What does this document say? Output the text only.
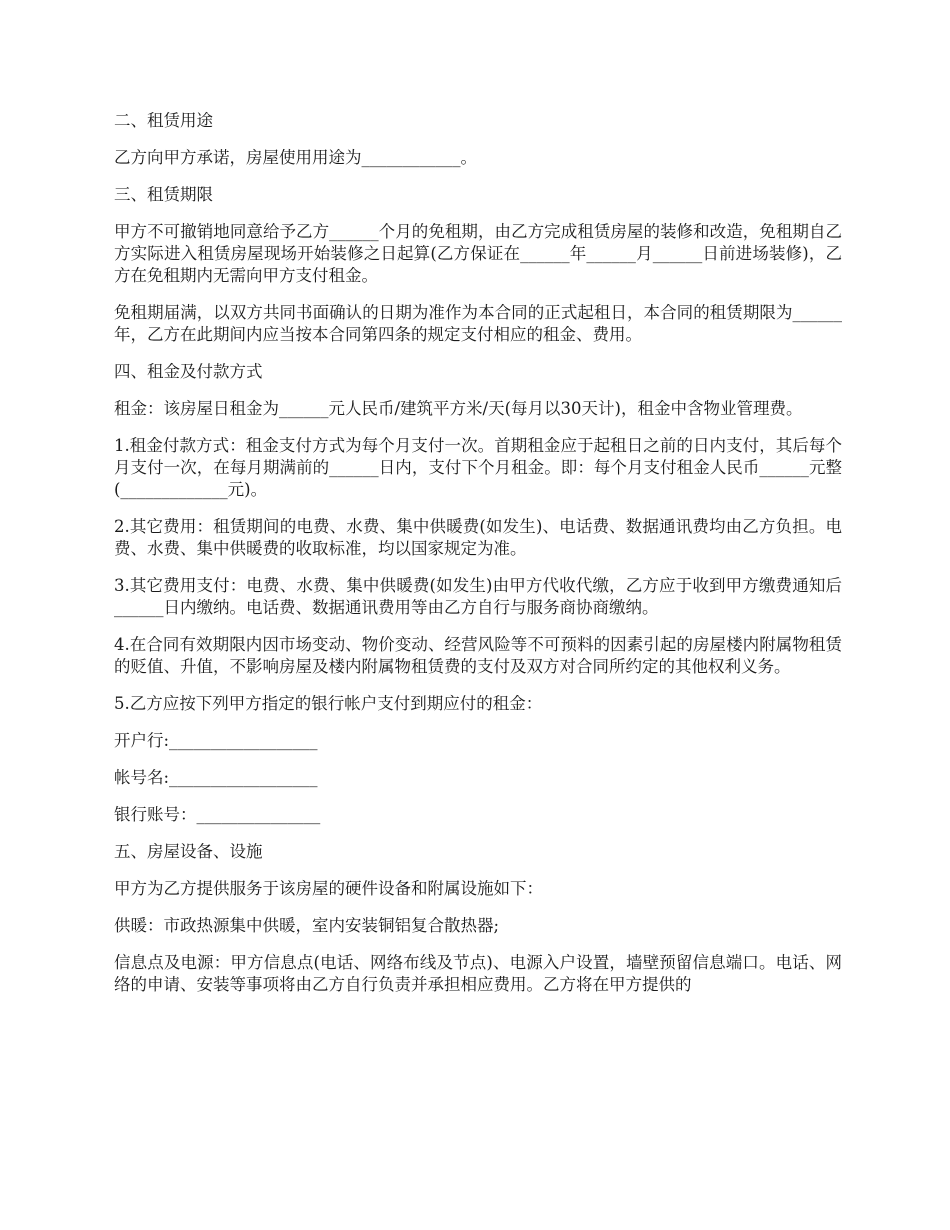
二、租赁用途

乙方向甲方承诺，房屋使用用途为____________。

三、租赁期限

甲方不可撤销地同意给予乙方______个月的免租期，由乙方完成租赁房屋的装修和改造，免租期自乙方实际进入租赁房屋现场开始装修之日起算(乙方保证在______年______月______日前进场装修)，乙方在免租期内无需向甲方支付租金。

免租期届满，以双方共同书面确认的日期为准作为本合同的正式起租日，本合同的租赁期限为______年，乙方在此期间内应当按本合同第四条的规定支付相应的租金、费用。

四、租金及付款方式

租金：该房屋日租金为______元人民币/建筑平方米/天(每月以30天计)，租金中含物业管理费。

1.租金付款方式：租金支付方式为每个月支付一次。首期租金应于起租日之前的日内支付，其后每个月支付一次，在每月期满前的______日内，支付下个月租金。即：每个月支付租金人民币______元整(_____________元)。

2.其它费用：租赁期间的电费、水费、集中供暖费(如发生)、电话费、数据通讯费均由乙方负担。电费、水费、集中供暖费的收取标准，均以国家规定为准。

3.其它费用支付：电费、水费、集中供暖费(如发生)由甲方代收代缴，乙方应于收到甲方缴费通知后______日内缴纳。电话费、数据通讯费用等由乙方自行与服务商协商缴纳。

4.在合同有效期限内因市场变动、物价变动、经营风险等不可预料的因素引起的房屋楼内附属物租赁的贬值、升值，不影响房屋及楼内附属物租赁费的支付及双方对合同所约定的其他权利义务。

5.乙方应按下列甲方指定的银行帐户支付到期应付的租金：

开户行:__________________

帐号名:__________________

银行账号：_______________

五、房屋设备、设施

甲方为乙方提供服务于该房屋的硬件设备和附属设施如下：

供暖：市政热源集中供暖，室内安装铜铝复合散热器;

信息点及电源：甲方信息点(电话、网络布线及节点)、电源入户设置，墙壁预留信息端口。电话、网络的申请、安装等事项将由乙方自行负责并承担相应费用。乙方将在甲方提供的
